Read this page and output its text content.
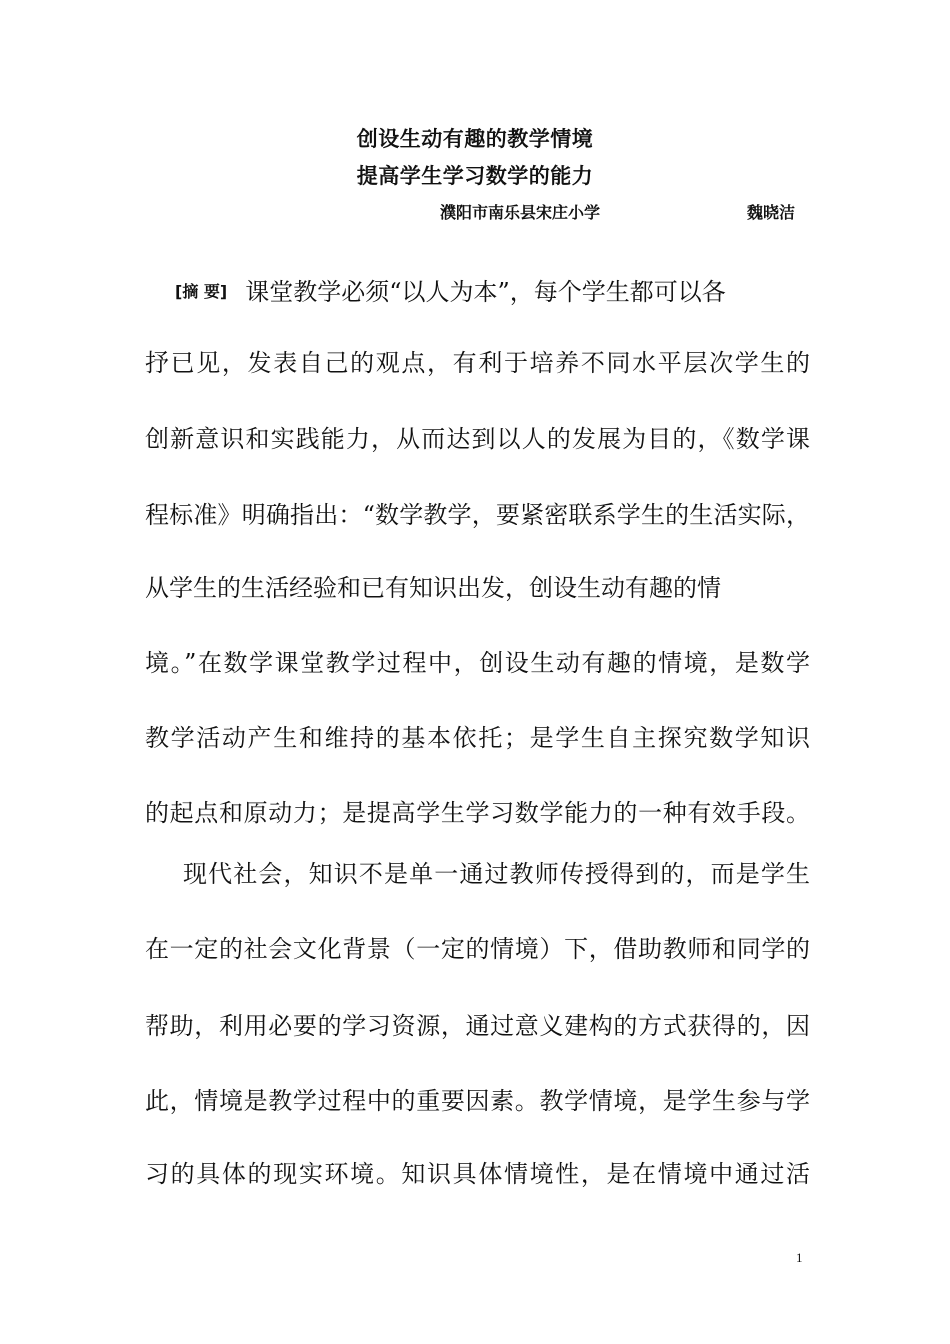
创设生动有趣的教学情境
提高学生学习数学的能力
濮阳市南乐县宋庄小学	魏晓洁
[摘 要] 课堂教学必须“以人为本”，每个学生都可以各
抒已见，发表自己的观点，有利于培养不同水平层次学生的
创新意识和实践能力，从而达到以人的发展为目的，《数学课
程标准》明确指出：“数学教学，要紧密联系学生的生活实际，
从学生的生活经验和已有知识出发，创设生动有趣的情
境。”在数学课堂教学过程中，创设生动有趣的情境，是数学
教学活动产生和维持的基本依托；是学生自主探究数学知识
的起点和原动力；是提高学生学习数学能力的一种有效手段。
现代社会，知识不是单一通过教师传授得到的，而是学生
在一定的社会文化背景（一定的情境）下，借助教师和同学的
帮助，利用必要的学习资源，通过意义建构的方式获得的，因
此，情境是教学过程中的重要因素。教学情境，是学生参与学
习的具体的现实环境。知识具体情境性，是在情境中通过活
1
